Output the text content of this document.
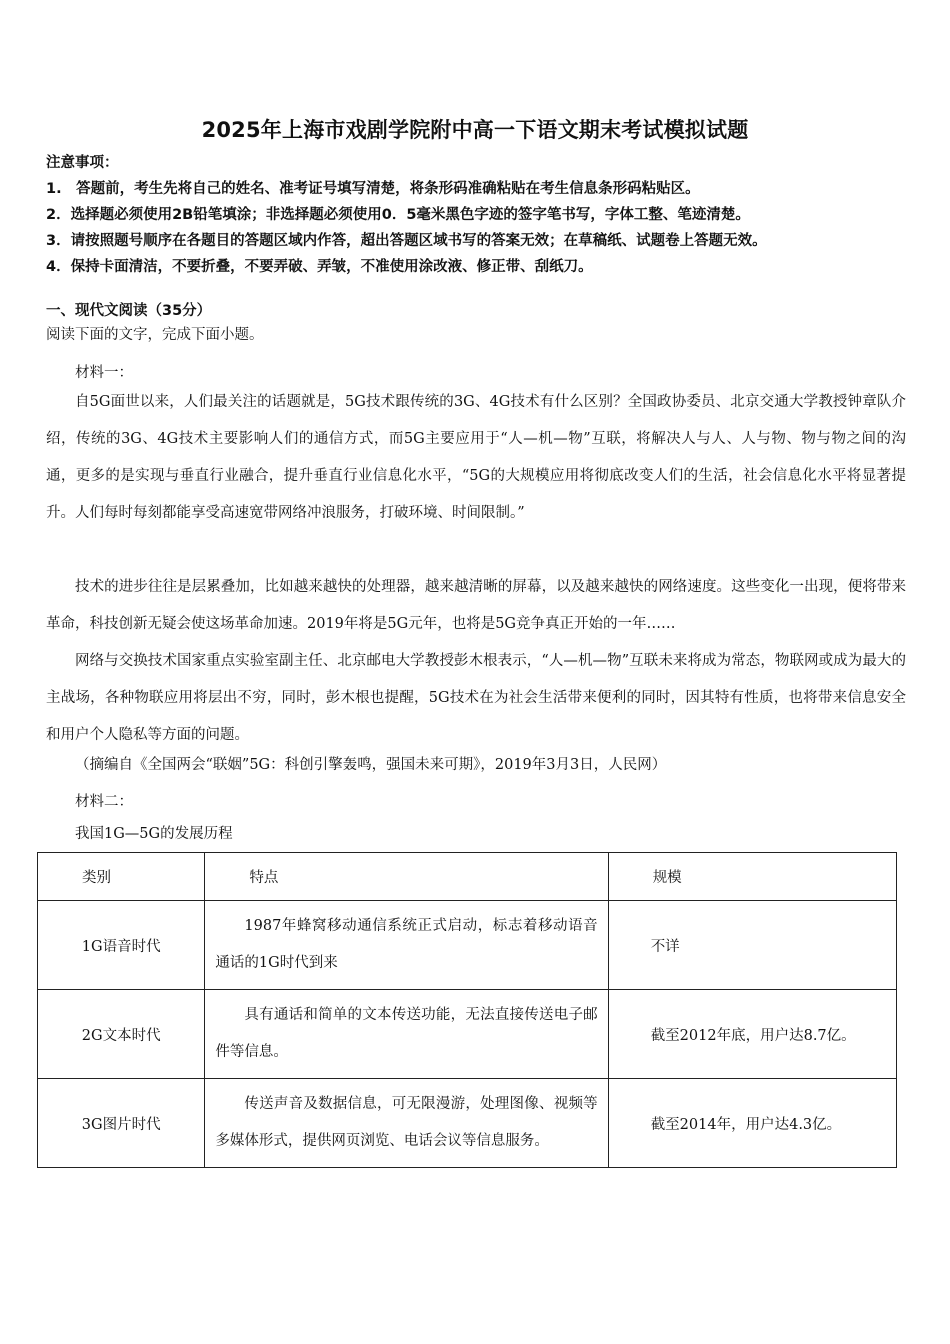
2025年上海市戏剧学院附中高一下语文期末考试模拟试题
注意事项：
1.　答题前，考生先将自己的姓名、准考证号填写清楚，将条形码准确粘贴在考生信息条形码粘贴区。
2．选择题必须使用2B铅笔填涂；非选择题必须使用0．5毫米黑色字迹的签字笔书写，字体工整、笔迹清楚。
3．请按照题号顺序在各题目的答题区域内作答，超出答题区域书写的答案无效；在草稿纸、试题卷上答题无效。
4．保持卡面清洁，不要折叠，不要弄破、弄皱，不准使用涂改液、修正带、刮纸刀。
一、现代文阅读（35分）
阅读下面的文字，完成下面小题。
材料一：
自5G面世以来，人们最关注的话题就是，5G技术跟传统的3G、4G技术有什么区别？全国政协委员、北京交通大学教授钟章队介绍，传统的3G、4G技术主要影响人们的通信方式，而5G主要应用于“人—机—物”互联，将解决人与人、人与物、物与物之间的沟通，更多的是实现与垂直行业融合，提升垂直行业信息化水平，“5G的大规模应用将彻底改变人们的生活，社会信息化水平将显著提升。人们每时每刻都能享受高速宽带网络冲浪服务，打破环境、时间限制。”
技术的进步往往是层累叠加，比如越来越快的处理器，越来越清晰的屏幕，以及越来越快的网络速度。这些变化一出现，便将带来革命，科技创新无疑会使这场革命加速。2019年将是5G元年，也将是5G竞争真正开始的一年……
网络与交换技术国家重点实验室副主任、北京邮电大学教授彭木根表示，“人—机—物”互联未来将成为常态，物联网或成为最大的主战场，各种物联应用将层出不穷，同时，彭木根也提醒，5G技术在为社会生活带来便利的同时，因其特有性质，也将带来信息安全和用户个人隐私等方面的问题。
（摘编自《全国两会“联姻”5G：科创引擎轰鸣，强国未来可期》，2019年3月3日，人民网）
材料二：
我国1G—5G的发展历程
类别	特点	规模
1G语音时代	1987年蜂窝移动通信系统正式启动，标志着移动语音通话的1G时代到来	不详
2G文本时代	具有通话和简单的文本传送功能，无法直接传送电子邮件等信息。	截至2012年底，用户达8.7亿。
3G图片时代	传送声音及数据信息，可无限漫游，处理图像、视频等多媒体形式，提供网页浏览、电话会议等信息服务。	截至2014年，用户达4.3亿。
